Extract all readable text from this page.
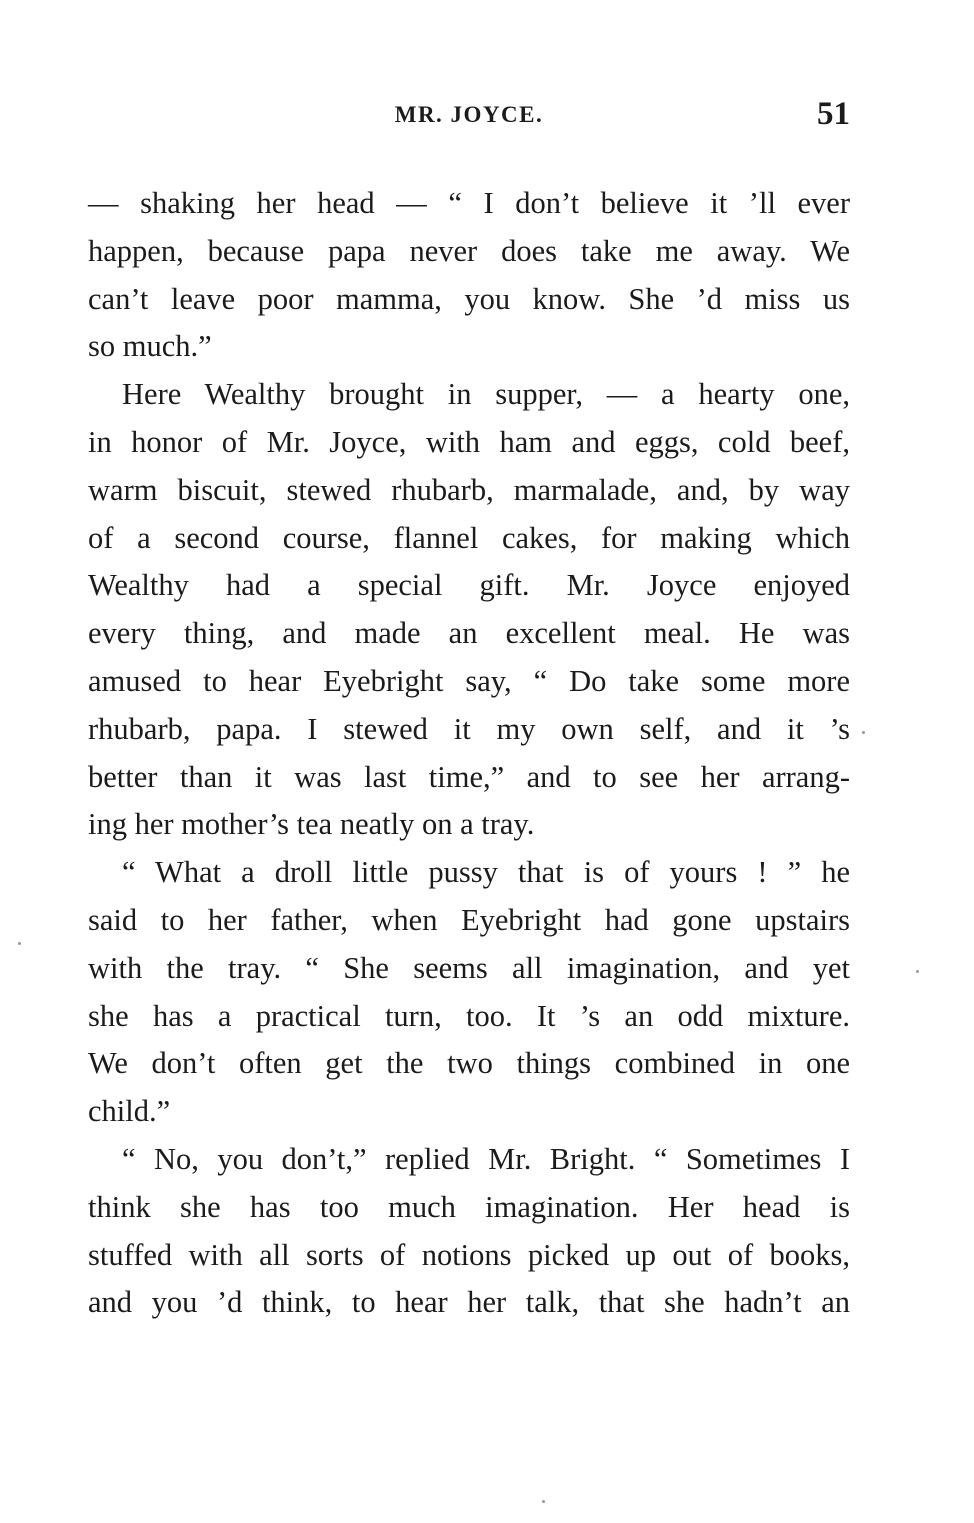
MR. JOYCE.	51
— shaking her head — “ I don’t believe it ’ll ever
happen, because papa never does take me away. We
can’t leave poor mamma, you know. She ’d miss us
so much.”
Here Wealthy brought in supper, — a hearty one,
in honor of Mr. Joyce, with ham and eggs, cold beef,
warm biscuit, stewed rhubarb, marmalade, and, by way
of a second course, flannel cakes, for making which
Wealthy had a special gift. Mr. Joyce enjoyed
every thing, and made an excellent meal. He was
amused to hear Eyebright say, “ Do take some more
rhubarb, papa. I stewed it my own self, and it ’s
better than it was last time,” and to see her arrang-
ing her mother’s tea neatly on a tray.
“ What a droll little pussy that is of yours ! ” he
said to her father, when Eyebright had gone upstairs
with the tray. “ She seems all imagination, and yet
she has a practical turn, too. It ’s an odd mixture.
We don’t often get the two things combined in one
child.”
“ No, you don’t,” replied Mr. Bright. “ Sometimes I
think she has too much imagination. Her head is
stuffed with all sorts of notions picked up out of books,
and you ’d think, to hear her talk, that she hadn’t an
